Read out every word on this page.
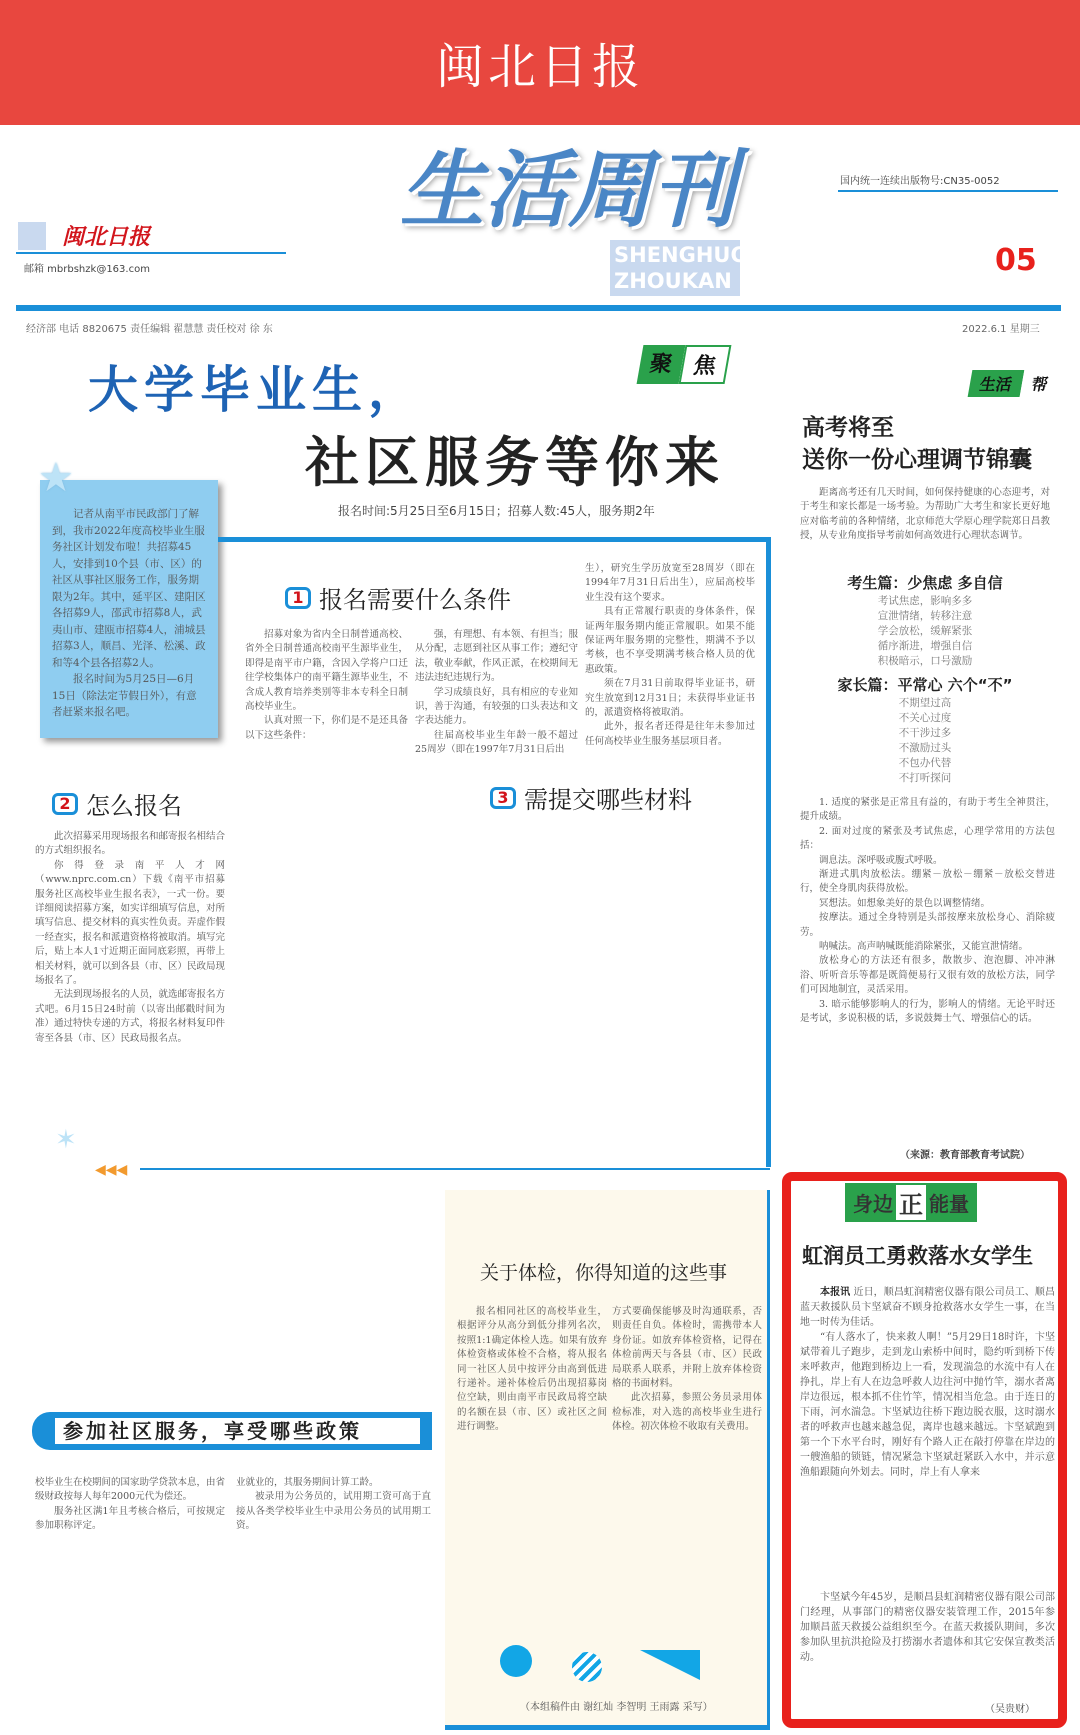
闽北日报
闽北日报
邮箱 mbrbshzk@163.com
生活周刊
SHENGHUO
ZHOUKAN
国内统一连续出版物号:CN35-0052
05
经济部 电话 8820675 责任编辑 翟慧慧 责任校对 徐 东	2022.6.1 星期三
聚 焦
大学毕业生，
社区服务等你来
报名时间:5月25日至6月15日；招募人数:45人，服务期2年

记者从南平市民政部门了解到，我市2022年度高校毕业生服务社区计划发布啦！共招募45人，安排到10个县（市、区）的社区从事社区服务工作，服务期限为2年。其中，延平区、建阳区各招募9人，邵武市招募8人，武夷山市、建瓯市招募4人，浦城县招募3人，顺昌、光泽、松溪、政和等4个县各招募2人。

报名时间为5月25日—6月15日（除法定节假日外），有意者赶紧来报名吧。

★
1 报名需要什么条件

招募对象为省内全日制普通高校、省外全日制普通高校南平生源毕业生，即得是南平市户籍，含因入学将户口迁往学校集体户的南平籍生源毕业生，不含成人教育培养类别等非本专科全日制高校毕业生。

认真对照一下，你们是不是还具备以下这些条件：

强，有理想、有本领、有担当；服从分配，志愿到社区从事工作；遵纪守法，敬业奉献，作风正派，在校期间无违法违纪违规行为。

学习成绩良好，具有相应的专业知识，善于沟通，有较强的口头表达和文字表达能力。

往届高校毕业生年龄一般不超过25周岁（即在1997年7月31日后出

生），研究生学历放宽至28周岁（即在1994年7月31日后出生），应届高校毕业生没有这个要求。

具有正常履行职责的身体条件，保证两年服务期内能正常履职。如果不能保证两年服务期的完整性，期满不予以考核，也不享受期满考核合格人员的优惠政策。

须在7月31日前取得毕业证书，研究生放宽到12月31日；未获得毕业证书的，派遣资格将被取消。

此外，报名者还得是往年未参加过任何高校毕业生服务基层项目者。

2 怎么报名

此次招募采用现场报名和邮寄报名相结合的方式组织报名。

你得登录南平人才网（www.nprc.com.cn）下载《南平市招募服务社区高校毕业生报名表》，一式一份。要详细阅读招募方案，如实详细填写信息，对所填写信息、提交材料的真实性负责。弄虚作假一经查实，报名和派遣资格将被取消。填写完后，贴上本人1寸近期正面同底彩照，再带上相关材料，就可以到各县（市、区）民政局现场报名了。

无法到现场报名的人员，就选邮寄报名方式吧。6月15日24时前（以寄出邮戳时间为准）通过特快专递的方式，将报名材料复印件寄至各县（市、区）民政局报名点。

✶
3 需提交哪些材料
生活	帮
高考将至
送你一份心理调节锦囊

距离高考还有几天时间，如何保持健康的心态迎考，对于考生和家长都是一场考验。为帮助广大考生和家长更好地应对临考前的各种情绪，北京师范大学原心理学院郑日昌教授，从专业角度指导考前如何高效进行心理状态调节。

考生篇：少焦虑 多自信
考试焦虑，影响多多
宣泄情绪，转移注意
学会放松，缓解紧张
循序渐进，增强自信
积极暗示，口号激励
家长篇：平常心 六个“不”
不期望过高
不关心过度
不干涉过多
不激励过头
不包办代替
不打听探问

1. 适度的紧张是正常且有益的，有助于考生全神贯注，提升成绩。

2. 面对过度的紧张及考试焦虑，心理学常用的方法包括：

调息法。深呼吸或腹式呼吸。

渐进式肌肉放松法。绷紧－放松－绷紧－放松交替进行，使全身肌肉获得放松。

冥想法。如想象美好的景色以调整情绪。

按摩法。通过全身特别是头部按摩来放松身心、消除疲劳。

呐喊法。高声呐喊既能消除紧张，又能宣泄情绪。

放松身心的方法还有很多，散散步、泡泡脚、冲冲淋浴、听听音乐等都是既简便易行又很有效的放松方法，同学们可因地制宜，灵活采用。

3. 暗示能够影响人的行为，影响人的情绪。无论平时还是考试，多说积极的话，多说鼓舞士气、增强信心的话。

（来源：教育部教育考试院）
◀◀◀
身边 正 能量
虹润员工勇救落水女学生

本报讯 近日，顺昌虹润精密仪器有限公司员工、顺昌蓝天救援队员卞坚斌奋不顾身抢救落水女学生一事，在当地一时传为佳话。

“有人落水了，快来救人啊！”5月29日18时许，卞坚斌带着儿子跑步，走到龙山索桥中间时，隐约听到桥下传来呼救声，他跑到桥边上一看，发现湍急的水流中有人在挣扎，岸上有人在边急呼救人边往河中抛竹竿，溺水者离岸边很远，根本抓不住竹竿，情况相当危急。由于连日的下雨，河水湍急。卞坚斌边往桥下跑边脱衣服，这时溺水者的呼救声也越来越急促，离岸也越来越远。卞坚斌跑到第一个下水平台时，刚好有个路人正在敲打停靠在岸边的一艘渔船的锁链，情况紧急卞坚斌赶紧跃入水中，并示意渔船跟随向外划去。同时，岸上有人拿来

卞坚斌今年45岁，是顺昌县虹润精密仪器有限公司部门经理，从事部门的精密仪器安装管理工作，2015年参加顺昌蓝天救援公益组织至今。在蓝天救援队期间，多次参加队里抗洪抢险及打捞溺水者遗体和其它安保宣教类活动。

（吴贵财）
参加社区服务，享受哪些政策

校毕业生在校期间的国家助学贷款本息，由省级财政按每人每年2000元代为偿还。

服务社区满1年且考核合格后，可按规定参加职称评定。

业就业的，其服务期间计算工龄。

被录用为公务员的，试用期工资可高于直接从各类学校毕业生中录用公务员的试用期工资。

关于体检，你得知道的这些事

报名相同社区的高校毕业生，根据评分从高分到低分排列名次，按照1:1确定体检人选。如果有放弃体检资格或体检不合格，将从报名同一社区人员中按评分由高到低进行递补。递补体检后仍出现招募岗位空缺，则由南平市民政局将空缺的名额在县（市、区）或社区之间进行调整。

方式要确保能够及时沟通联系，否则责任自负。体检时，需携带本人身份证。如放弃体检资格，记得在体检前两天与各县（市、区）民政局联系人联系，并附上放弃体检资格的书面材料。

此次招募，参照公务员录用体检标准，对入选的高校毕业生进行体检。初次体检不收取有关费用。

（本组稿件由 谢红灿 李智明 王雨露 采写）
